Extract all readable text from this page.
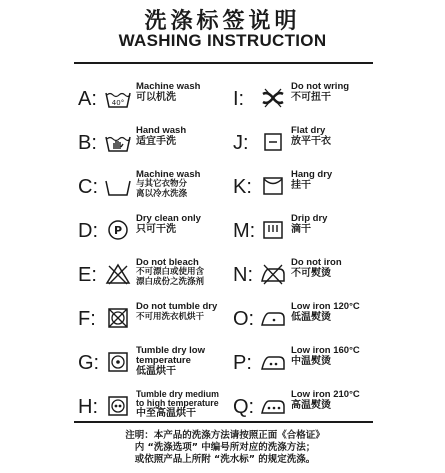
洗涤标签说明
WASHING INSTRUCTION
A: 40°
Machine wash
可以机洗
B:
Hand wash
适宜手洗
C:
Machine wash
与其它衣物分
离以冷水洗涤
D: P
Dry clean only
只可干洗
E:
Do not bleach
不可漂白或使用含
漂白成份之洗涤剂
F:
Do not tumble dry
不可用洗衣机烘干
G:
Tumble dry low
temperature
低温烘干
H:
Tumble dry medium
to high temperature
中至高温烘干
I:
Do not wring
不可扭干
J:
Flat dry
放平干衣
K:
Hang dry
挂干
M:
Drip dry
滴干
N:
Do not iron
不可熨烫
O:
Low iron 120°C
低温熨烫
P:
Low iron 160°C
中温熨烫
Q:
Low iron 210°C
高温熨烫
注明：本产品的洗涤方法请按照正面《合格证》
内 “洗涤选项” 中编号所对应的洗涤方法；
或依照产品上所附 “洗水标” 的规定洗涤。
